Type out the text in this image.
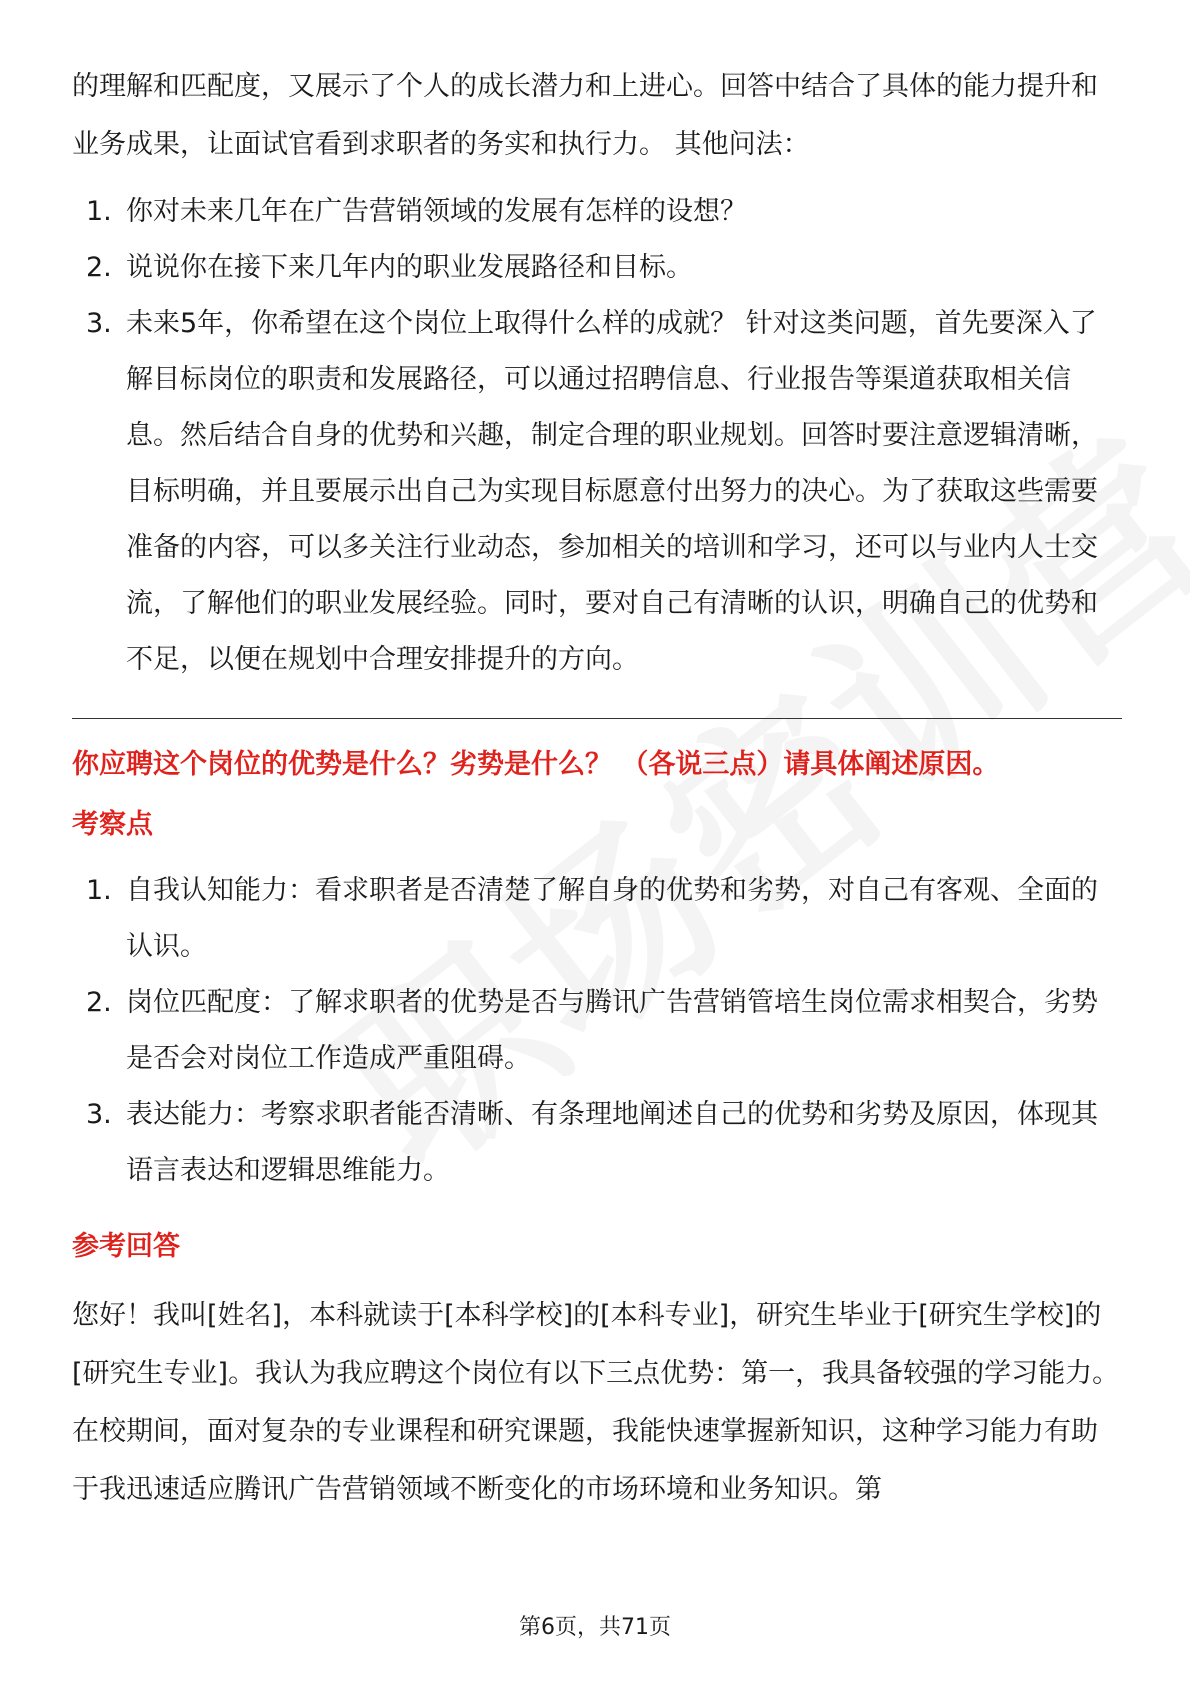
的理解和匹配度，又展示了个人的成长潜力和上进心。回答中结合了具体的能力提升和业务成果，让面试官看到求职者的务实和执行力。 其他问法：

1. 你对未来几年在广告营销领域的发展有怎样的设想？
2. 说说你在接下来几年内的职业发展路径和目标。
3. 未来5年，你希望在这个岗位上取得什么样的成就？ 针对这类问题，首先要深入了解目标岗位的职责和发展路径，可以通过招聘信息、行业报告等渠道获取相关信息。然后结合自身的优势和兴趣，制定合理的职业规划。回答时要注意逻辑清晰，目标明确，并且要展示出自己为实现目标愿意付出努力的决心。为了获取这些需要准备的内容，可以多关注行业动态，参加相关的培训和学习，还可以与业内人士交流，了解他们的职业发展经验。同时，要对自己有清晰的认识，明确自己的优势和不足，以便在规划中合理安排提升的方向。
你应聘这个岗位的优势是什么？劣势是什么？ （各说三点）请具体阐述原因。
考察点
1. 自我认知能力：看求职者是否清楚了解自身的优势和劣势，对自己有客观、全面的认识。
2. 岗位匹配度：了解求职者的优势是否与腾讯广告营销管培生岗位需求相契合，劣势是否会对岗位工作造成严重阻碍。
3. 表达能力：考察求职者能否清晰、有条理地阐述自己的优势和劣势及原因，体现其语言表达和逻辑思维能力。
参考回答

您好！我叫[姓名]，本科就读于[本科学校]的[本科专业]，研究生毕业于[研究生学校]的[研究生专业]。我认为我应聘这个岗位有以下三点优势：第一，我具备较强的学习能力。在校期间，面对复杂的专业课程和研究课题，我能快速掌握新知识，这种学习能力有助于我迅速适应腾讯广告营销领域不断变化的市场环境和业务知识。第

第6页，共71页
